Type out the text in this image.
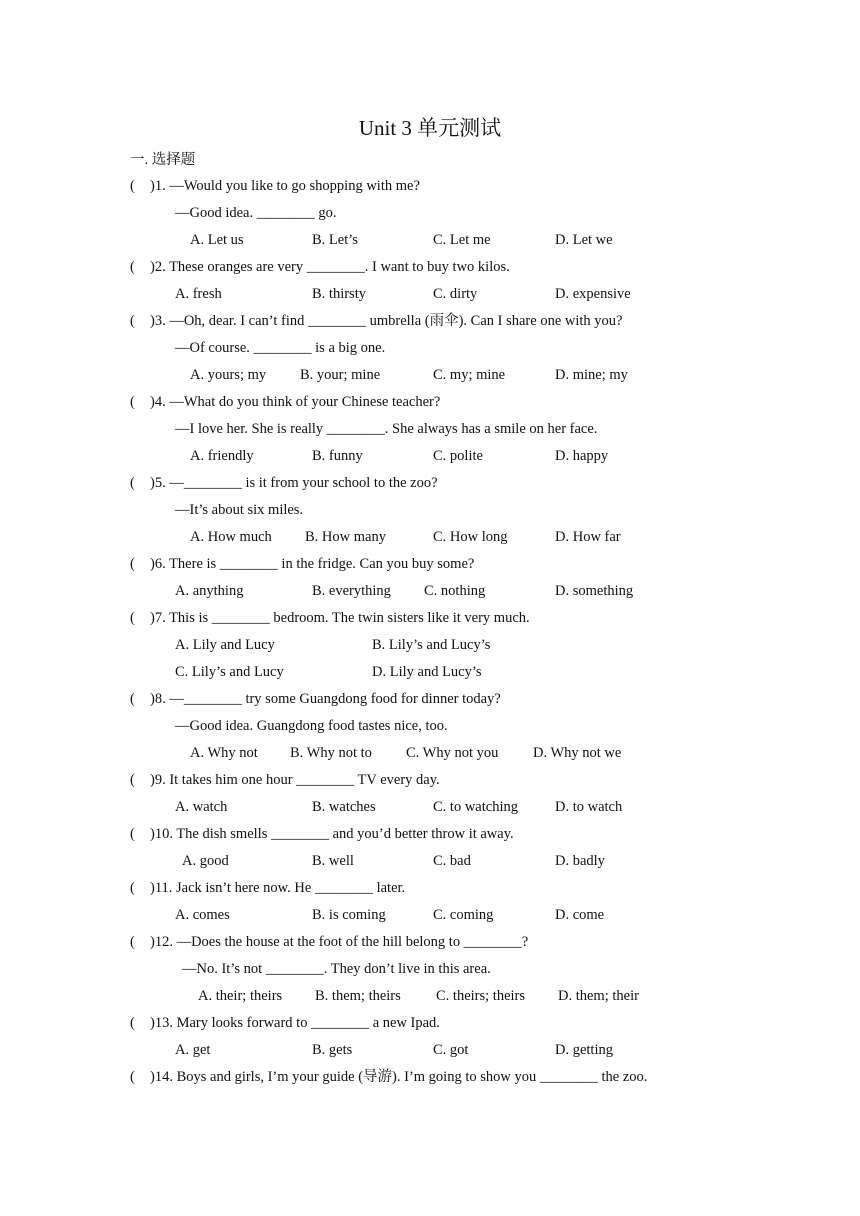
Unit 3 单元测试
一. 选择题
( )1. —Would you like to go shopping with me?
—Good idea. ________ go.
A. Let us	B. Let’s	C. Let me	D. Let we
( )2. These oranges are very ________. I want to buy two kilos.
A. fresh	B. thirsty	C. dirty	D. expensive
( )3. —Oh, dear. I can’t find ________ umbrella (雨伞). Can I share one with you?
—Of course. ________ is a big one.
A. yours; my B. your; mine	C. my; mine	D. mine; my
( )4. —What do you think of your Chinese teacher?
—I love her. She is really ________. She always has a smile on her face.
A. friendly	B. funny	C. polite	D. happy
( )5. —________ is it from your school to the zoo?
—It’s about six miles.
A. How much B. How many	C. How long	D. How far
( )6. There is ________ in the fridge. Can you buy some?
A. anything	B. everything C. nothing	D. something
( )7. This is ________ bedroom. The twin sisters like it very much.
A. Lily and Lucy	B. Lily’s and Lucy’s
C. Lily’s and Lucy	D. Lily and Lucy’s
( )8. —________ try some Guangdong food for dinner today?
—Good idea. Guangdong food tastes nice, too.
A. Why not B. Why not to C. Why not you D. Why not we
( )9. It takes him one hour ________ TV every day.
A. watch	B. watches	C. to watching	D. to watch
( )10. The dish smells ________ and you’d better throw it away.
A. good	B. well	C. bad	D. badly
( )11. Jack isn’t here now. He ________ later.
A. comes	B. is coming	C. coming	D. come
( )12. —Does the house at the foot of the hill belong to ________?
—No. It’s not ________. They don’t live in this area.
A. their; theirs B. them; theirs C. theirs; theirs D. them; their
( )13. Mary looks forward to ________ a new Ipad.
A. get	B. gets	C. got	D. getting
( )14. Boys and girls, I’m your guide (导游). I’m going to show you ________ the zoo.
